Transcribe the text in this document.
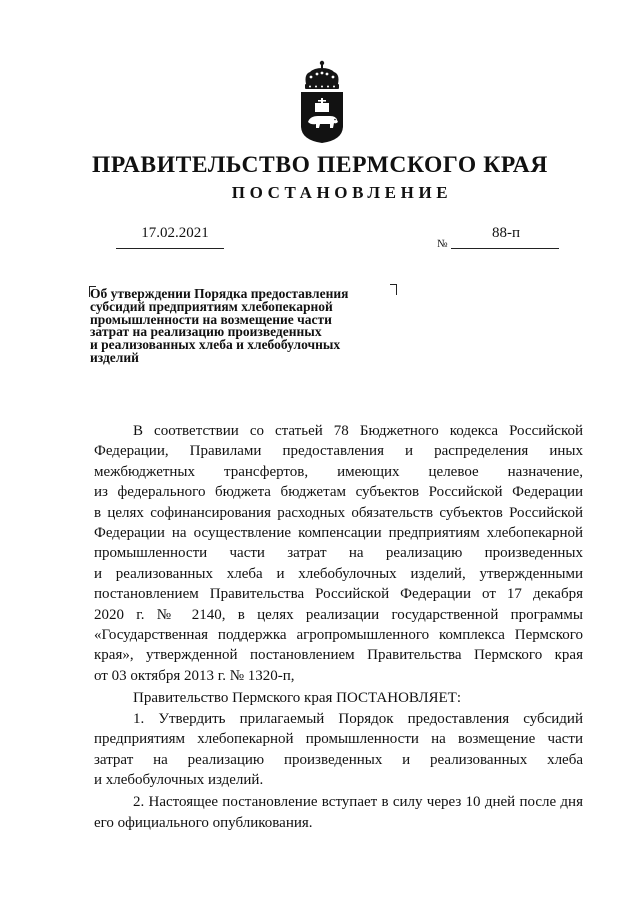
ПРАВИТЕЛЬСТВО ПЕРМСКОГО КРАЯ
ПОСТАНОВЛЕНИЕ
17.02.2021	88-п
№
Об утверждении Порядка предоставления
субсидий предприятиям хлебопекарной
промышленности на возмещение части
затрат на реализацию произведенных
и реализованных хлеба и хлебобулочных
изделий
В соответствии со статьей 78 Бюджетного кодекса Российской
Федерации, Правилами предоставления и распределения иных
межбюджетных трансфертов, имеющих целевое назначение,
из федерального бюджета бюджетам субъектов Российской Федерации
в целях софинансирования расходных обязательств субъектов Российской
Федерации на осуществление компенсации предприятиям хлебопекарной
промышленности части затрат на реализацию произведенных
и реализованных хлеба и хлебобулочных изделий, утвержденными
постановлением Правительства Российской Федерации от 17 декабря
2020 г. № 2140, в целях реализации государственной программы
«Государственная поддержка агропромышленного комплекса Пермского
края», утвержденной постановлением Правительства Пермского края
от 03 октября 2013 г. № 1320-п,
Правительство Пермского края ПОСТАНОВЛЯЕТ:
1. Утвердить прилагаемый Порядок предоставления субсидий
предприятиям хлебопекарной промышленности на возмещение части
затрат на реализацию произведенных и реализованных хлеба
и хлебобулочных изделий.
2. Настоящее постановление вступает в силу через 10 дней после дня
его официального опубликования.
